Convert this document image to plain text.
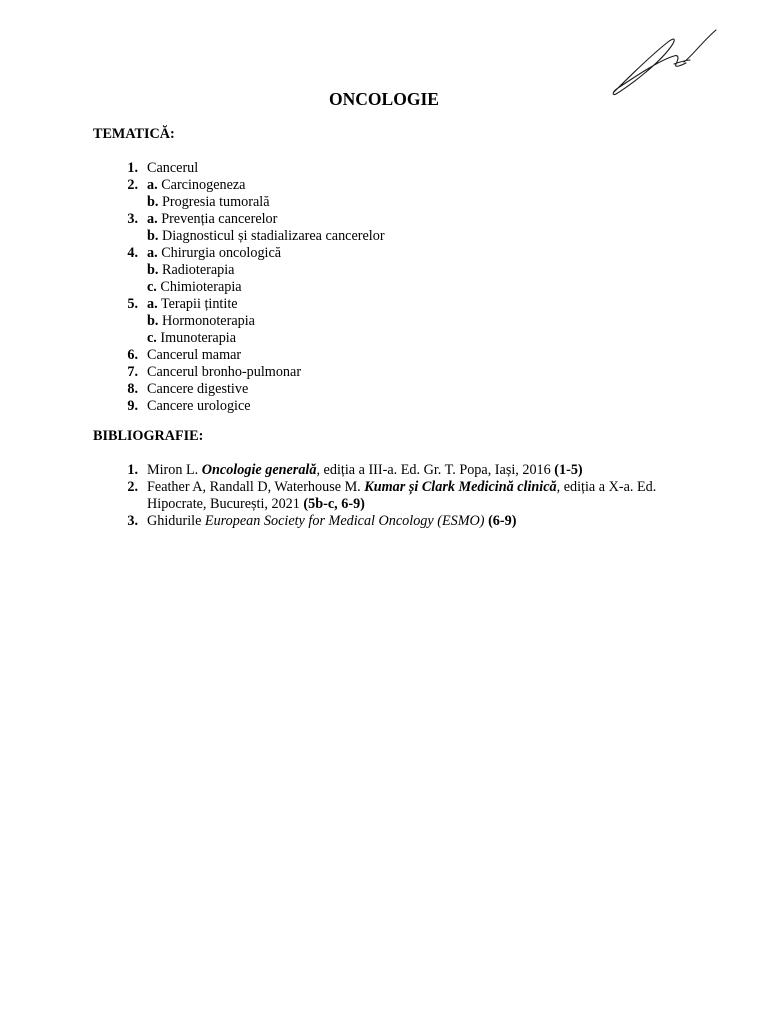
ONCOLOGIE
TEMATICĂ:
1. Cancerul
2. a. Carcinogeneza
b. Progresia tumorală
3. a. Prevenția cancerelor
b. Diagnosticul și stadializarea cancerelor
4. a. Chirurgia oncologică
b. Radioterapia
c. Chimioterapia
5. a. Terapii țintite
b. Hormonoterapia
c. Imunoterapia
6. Cancerul mamar
7. Cancerul bronho-pulmonar
8. Cancere digestive
9. Cancere urologice
BIBLIOGRAFIE:
1. Miron L. Oncologie generală, ediția a III-a. Ed. Gr. T. Popa, Iași, 2016 (1-5)
2. Feather A, Randall D, Waterhouse M. Kumar și Clark Medicină clinică, ediția a X-a. Ed. Hipocrate, București, 2021 (5b-c, 6-9)
3. Ghidurile European Society for Medical Oncology (ESMO) (6-9)
